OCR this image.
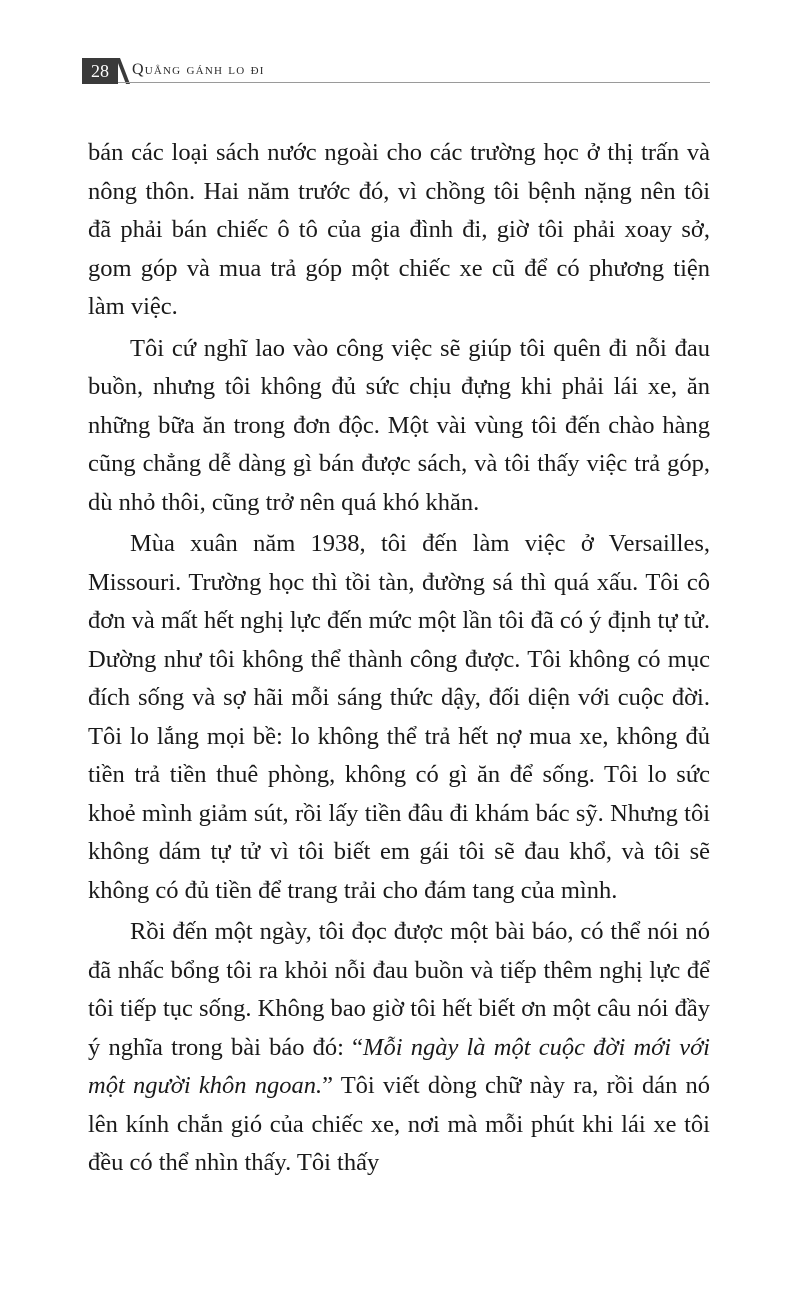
28	Quẳng gánh lo đi

bán các loại sách nước ngoài cho các trường học ở thị trấn và nông thôn. Hai năm trước đó, vì chồng tôi bệnh nặng nên tôi đã phải bán chiếc ô tô của gia đình đi, giờ tôi phải xoay sở, gom góp và mua trả góp một chiếc xe cũ để có phương tiện làm việc.

Tôi cứ nghĩ lao vào công việc sẽ giúp tôi quên đi nỗi đau buồn, nhưng tôi không đủ sức chịu đựng khi phải lái xe, ăn những bữa ăn trong đơn độc. Một vài vùng tôi đến chào hàng cũng chẳng dễ dàng gì bán được sách, và tôi thấy việc trả góp, dù nhỏ thôi, cũng trở nên quá khó khăn.

Mùa xuân năm 1938, tôi đến làm việc ở Versailles, Missouri. Trường học thì tồi tàn, đường sá thì quá xấu. Tôi cô đơn và mất hết nghị lực đến mức một lần tôi đã có ý định tự tử. Dường như tôi không thể thành công được. Tôi không có mục đích sống và sợ hãi mỗi sáng thức dậy, đối diện với cuộc đời. Tôi lo lắng mọi bề: lo không thể trả hết nợ mua xe, không đủ tiền trả tiền thuê phòng, không có gì ăn để sống. Tôi lo sức khoẻ mình giảm sút, rồi lấy tiền đâu đi khám bác sỹ. Nhưng tôi không dám tự tử vì tôi biết em gái tôi sẽ đau khổ, và tôi sẽ không có đủ tiền để trang trải cho đám tang của mình.

Rồi đến một ngày, tôi đọc được một bài báo, có thể nói nó đã nhấc bổng tôi ra khỏi nỗi đau buồn và tiếp thêm nghị lực để tôi tiếp tục sống. Không bao giờ tôi hết biết ơn một câu nói đầy ý nghĩa trong bài báo đó: “Mỗi ngày là một cuộc đời mới với một người khôn ngoan.” Tôi viết dòng chữ này ra, rồi dán nó lên kính chắn gió của chiếc xe, nơi mà mỗi phút khi lái xe tôi đều có thể nhìn thấy. Tôi thấy
